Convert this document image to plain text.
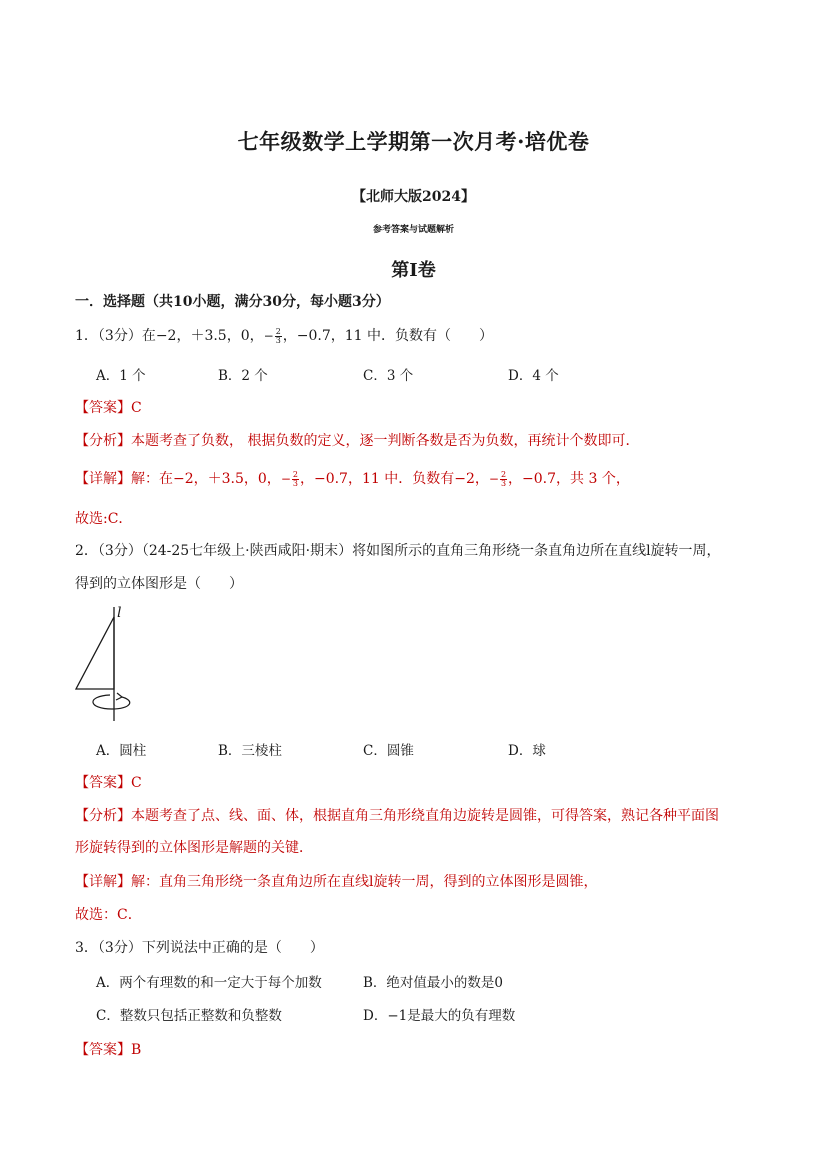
七年级数学上学期第一次月考·培优卷
【北师大版2024】
参考答案与试题解析
第I卷
一．选择题（共10小题，满分30分，每小题3分）
1．（3分）在−2，＋3.5，0，− $\frac{2}{3}$ ，−0.7，11 中．负数有（　　）
A．1 个	B．2 个	C．3 个	D．4 个
【答案】C
【分析】本题考查了负数， 根据负数的定义，逐一判断各数是否为负数，再统计个数即可．
【详解】解：在−2，＋3.5，0，− $\frac{2}{3}$ ，−0.7，11 中．负数有−2，− $\frac{2}{3}$ ，−0.7，共 3 个，
故选:C．
2．（3分）（24-25七年级上·陕西咸阳·期末）将如图所示的直角三角形绕一条直角边所在直线l旋转一周，
得到的立体图形是（　　）
l
A．圆柱	B．三棱柱	C．圆锥	D．球
【答案】C
【分析】本题考查了点、线、面、体，根据直角三角形绕直角边旋转是圆锥，可得答案，熟记各种平面图
形旋转得到的立体图形是解题的关键．
【详解】解：直角三角形绕一条直角边所在直线l旋转一周，得到的立体图形是圆锥，
故选：C．
3．（3分）下列说法中正确的是（　　）
A．两个有理数的和一定大于每个加数	B．绝对值最小的数是0
C．整数只包括正整数和负整数	D．−1是最大的负有理数
【答案】B
